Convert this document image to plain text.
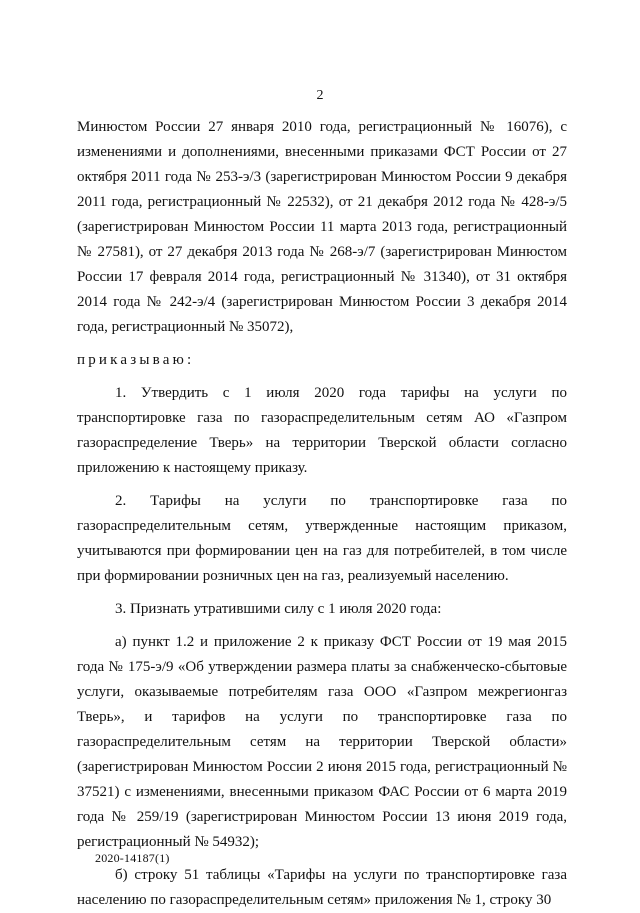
2

Минюстом России 27 января 2010 года, регистрационный № 16076), с изменениями и дополнениями, внесенными приказами ФСТ России от 27 октября 2011 года № 253-э/3 (зарегистрирован Минюстом России 9 декабря 2011 года, регистрационный № 22532), от 21 декабря 2012 года № 428-э/5 (зарегистрирован Минюстом России 11 марта 2013 года, регистрационный № 27581), от 27 декабря 2013 года № 268-э/7 (зарегистрирован Минюстом России 17 февраля 2014 года, регистрационный № 31340), от 31 октября 2014 года № 242-э/4 (зарегистрирован Минюстом России 3 декабря 2014 года, регистрационный № 35072),

приказываю:

1. Утвердить с 1 июля 2020 года тарифы на услуги по транспортировке газа по газораспределительным сетям АО «Газпром газораспределение Тверь» на территории Тверской области согласно приложению к настоящему приказу.

2. Тарифы на услуги по транспортировке газа по газораспределительным сетям, утвержденные настоящим приказом, учитываются при формировании цен на газ для потребителей, в том числе при формировании розничных цен на газ, реализуемый населению.

3. Признать утратившими силу с 1 июля 2020 года:

а) пункт 1.2 и приложение 2 к приказу ФСТ России от 19 мая 2015 года № 175-э/9 «Об утверждении размера платы за снабженческо-сбытовые услуги, оказываемые потребителям газа ООО «Газпром межрегионгаз Тверь», и тарифов на услуги по транспортировке газа по газораспределительным сетям на территории Тверской области» (зарегистрирован Минюстом России 2 июня 2015 года, регистрационный № 37521) с изменениями, внесенными приказом ФАС России от 6 марта 2019 года № 259/19 (зарегистрирован Минюстом России 13 июня 2019 года, регистрационный № 54932);

б) строку 51 таблицы «Тарифы на услуги по транспортировке газа населению по газораспределительным сетям» приложения № 1, строку 30

2020-14187(1)
